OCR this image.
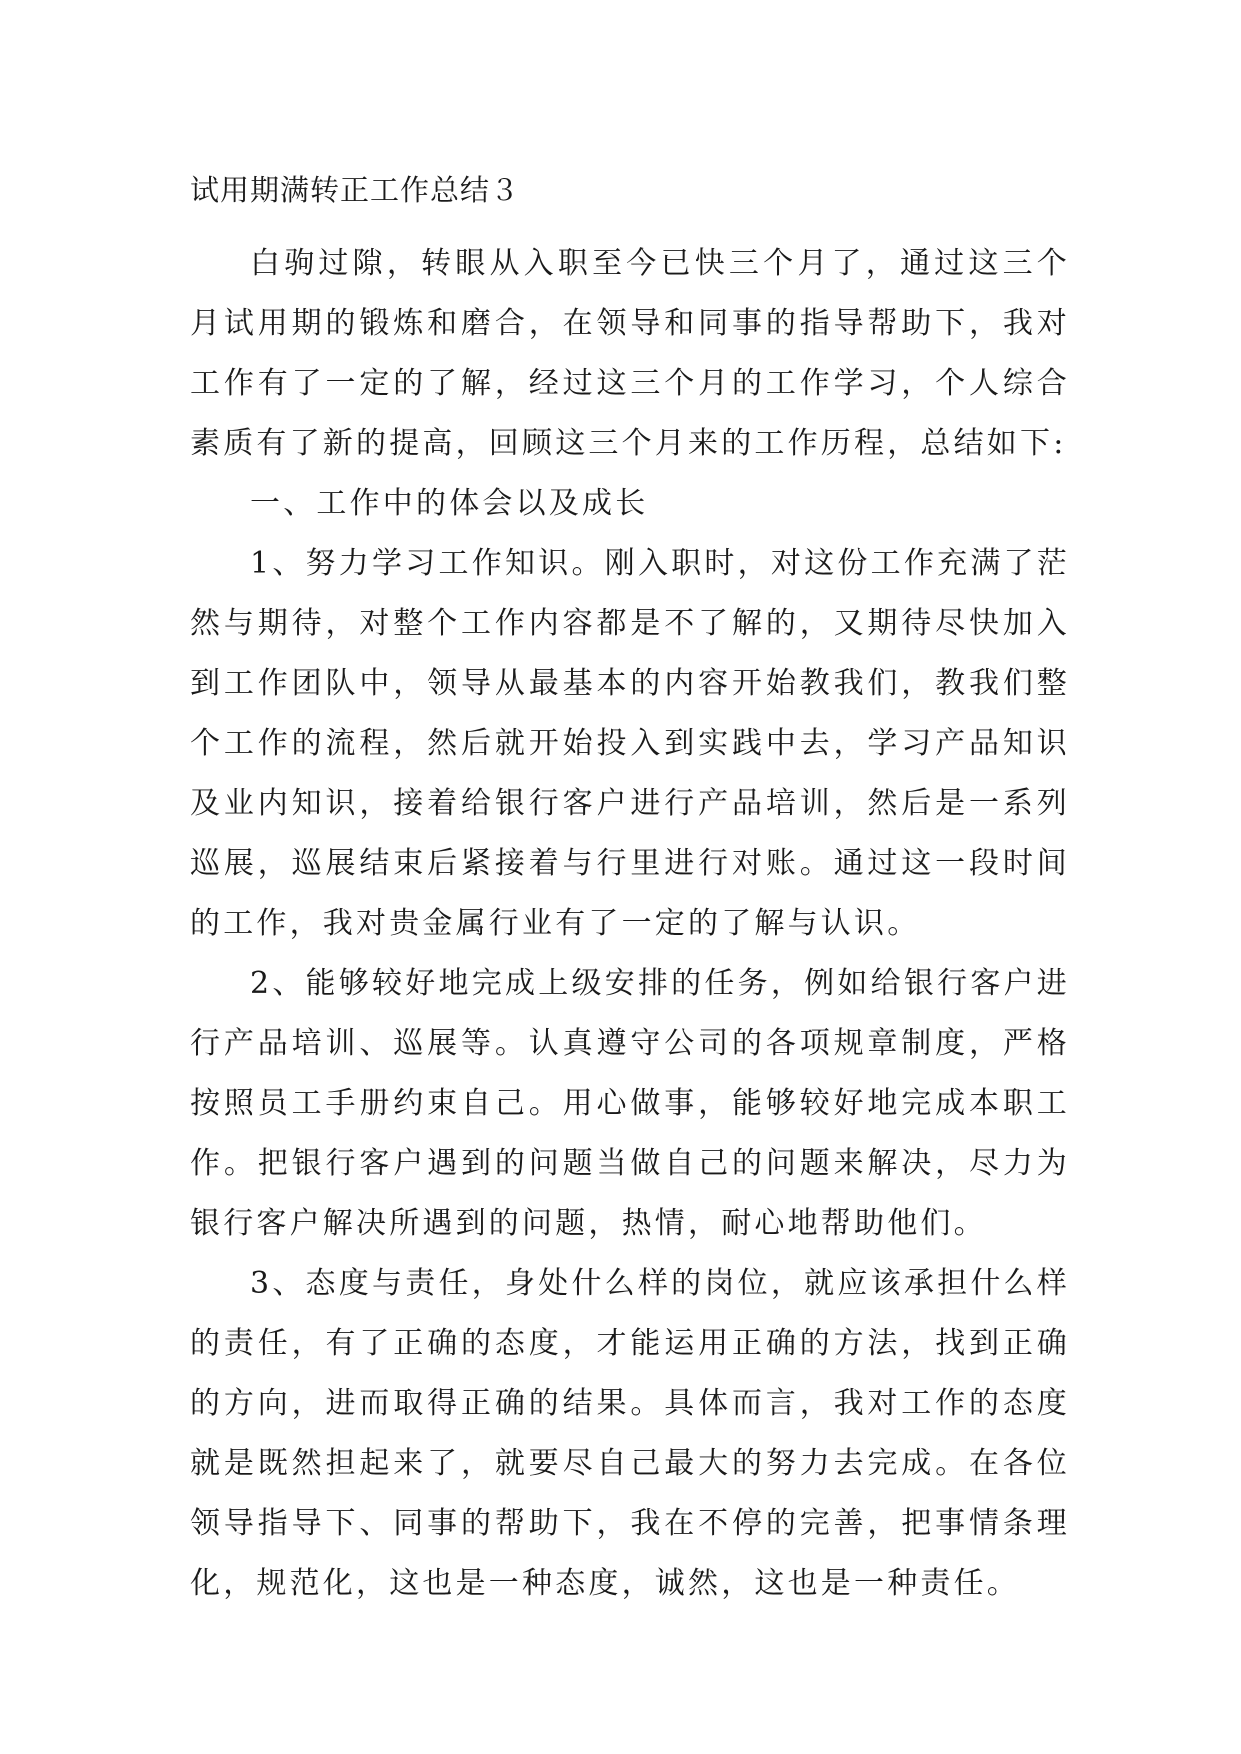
试用期满转正工作总结３

白驹过隙，转眼从入职至今已快三个月了，通过这三个月试用期的锻炼和磨合，在领导和同事的指导帮助下，我对工作有了一定的了解，经过这三个月的工作学习，个人综合素质有了新的提高，回顾这三个月来的工作历程，总结如下:

一、工作中的体会以及成长

1、努力学习工作知识。刚入职时，对这份工作充满了茫然与期待，对整个工作内容都是不了解的，又期待尽快加入到工作团队中，领导从最基本的内容开始教我们，教我们整个工作的流程，然后就开始投入到实践中去，学习产品知识及业内知识，接着给银行客户进行产品培训，然后是一系列巡展，巡展结束后紧接着与行里进行对账。通过这一段时间的工作，我对贵金属行业有了一定的了解与认识。

2、能够较好地完成上级安排的任务，例如给银行客户进行产品培训、巡展等。认真遵守公司的各项规章制度，严格按照员工手册约束自己。用心做事，能够较好地完成本职工作。把银行客户遇到的问题当做自己的问题来解决，尽力为银行客户解决所遇到的问题，热情，耐心地帮助他们。

3、态度与责任，身处什么样的岗位，就应该承担什么样的责任，有了正确的态度，才能运用正确的方法，找到正确的方向，进而取得正确的结果。具体而言，我对工作的态度就是既然担起来了，就要尽自己最大的努力去完成。在各位领导指导下、同事的帮助下，我在不停的完善，把事情条理化，规范化，这也是一种态度，诚然，这也是一种责任。
